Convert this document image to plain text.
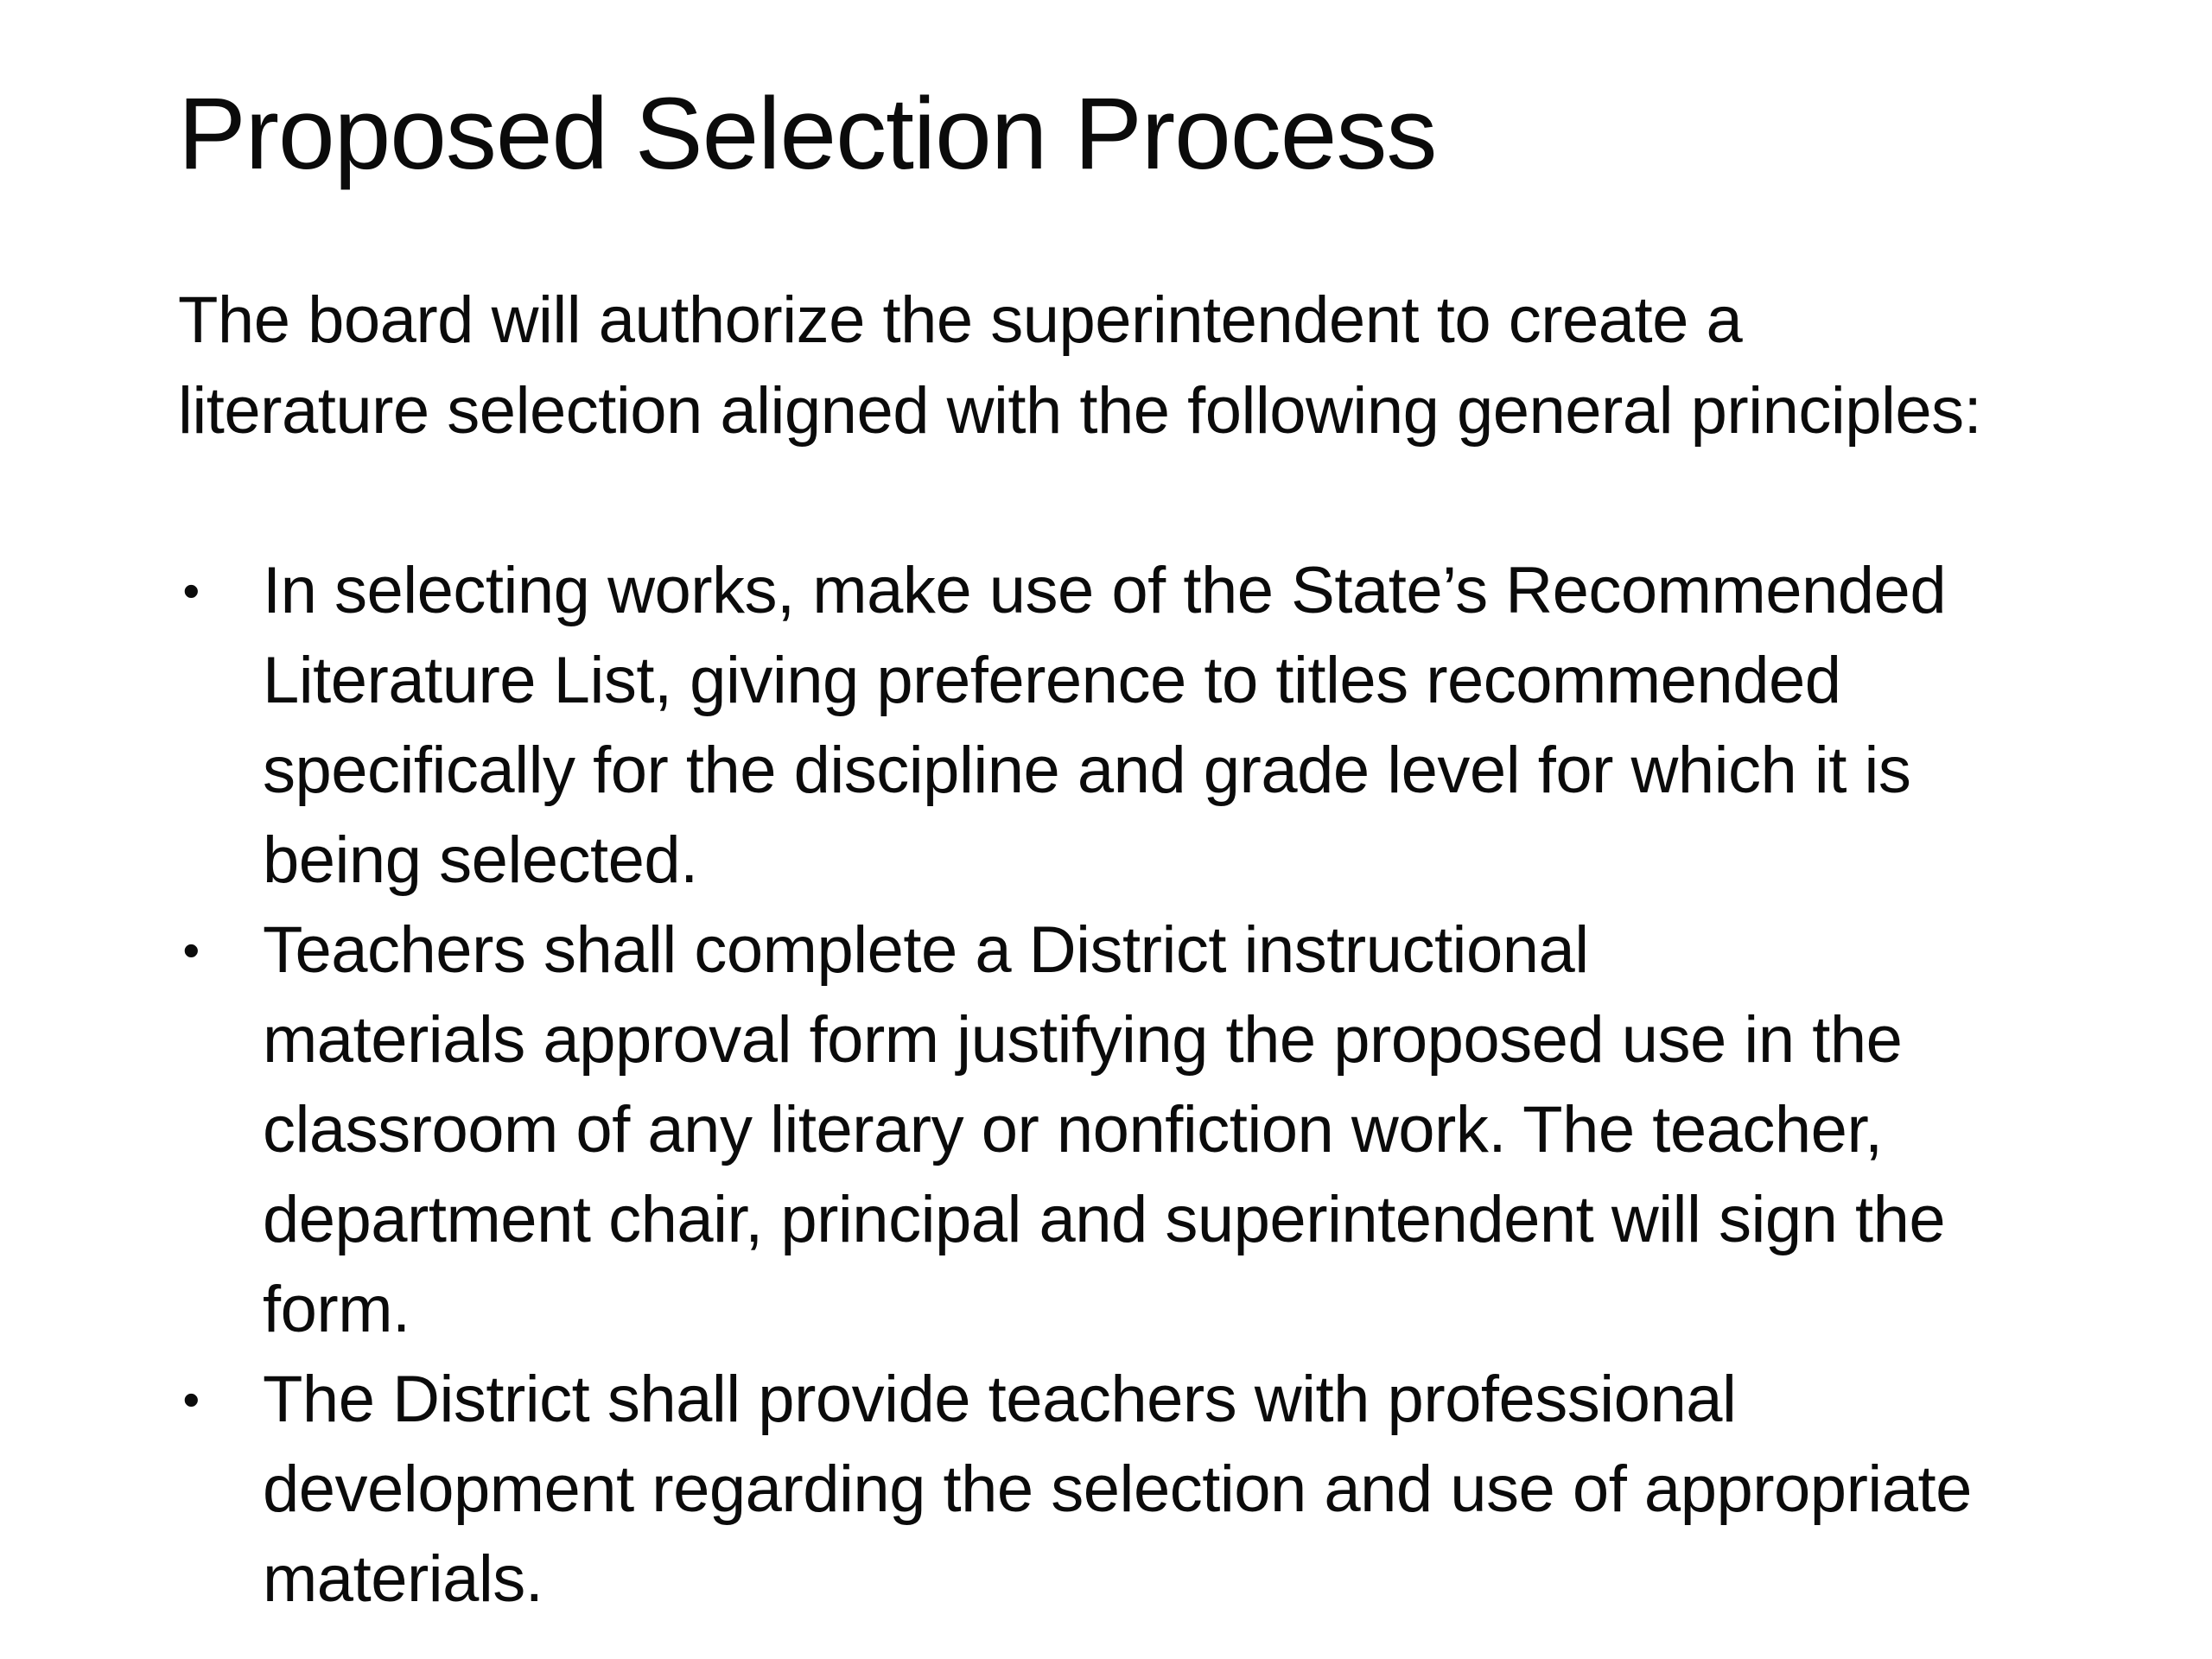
Proposed Selection Process

The board will authorize the superintendent to create a
literature selection aligned with the following general principles:

• In selecting works, make use of the State’s Recommended
Literature List, giving preference to titles recommended
specifically for the discipline and grade level for which it is
being selected.
• Teachers shall complete a District instructional
materials approval form justifying the proposed use in the
classroom of any literary or nonfiction work. The teacher,
department chair, principal and superintendent will sign the
form.
• The District shall provide teachers with professional
development regarding the selection and use of appropriate
materials.
